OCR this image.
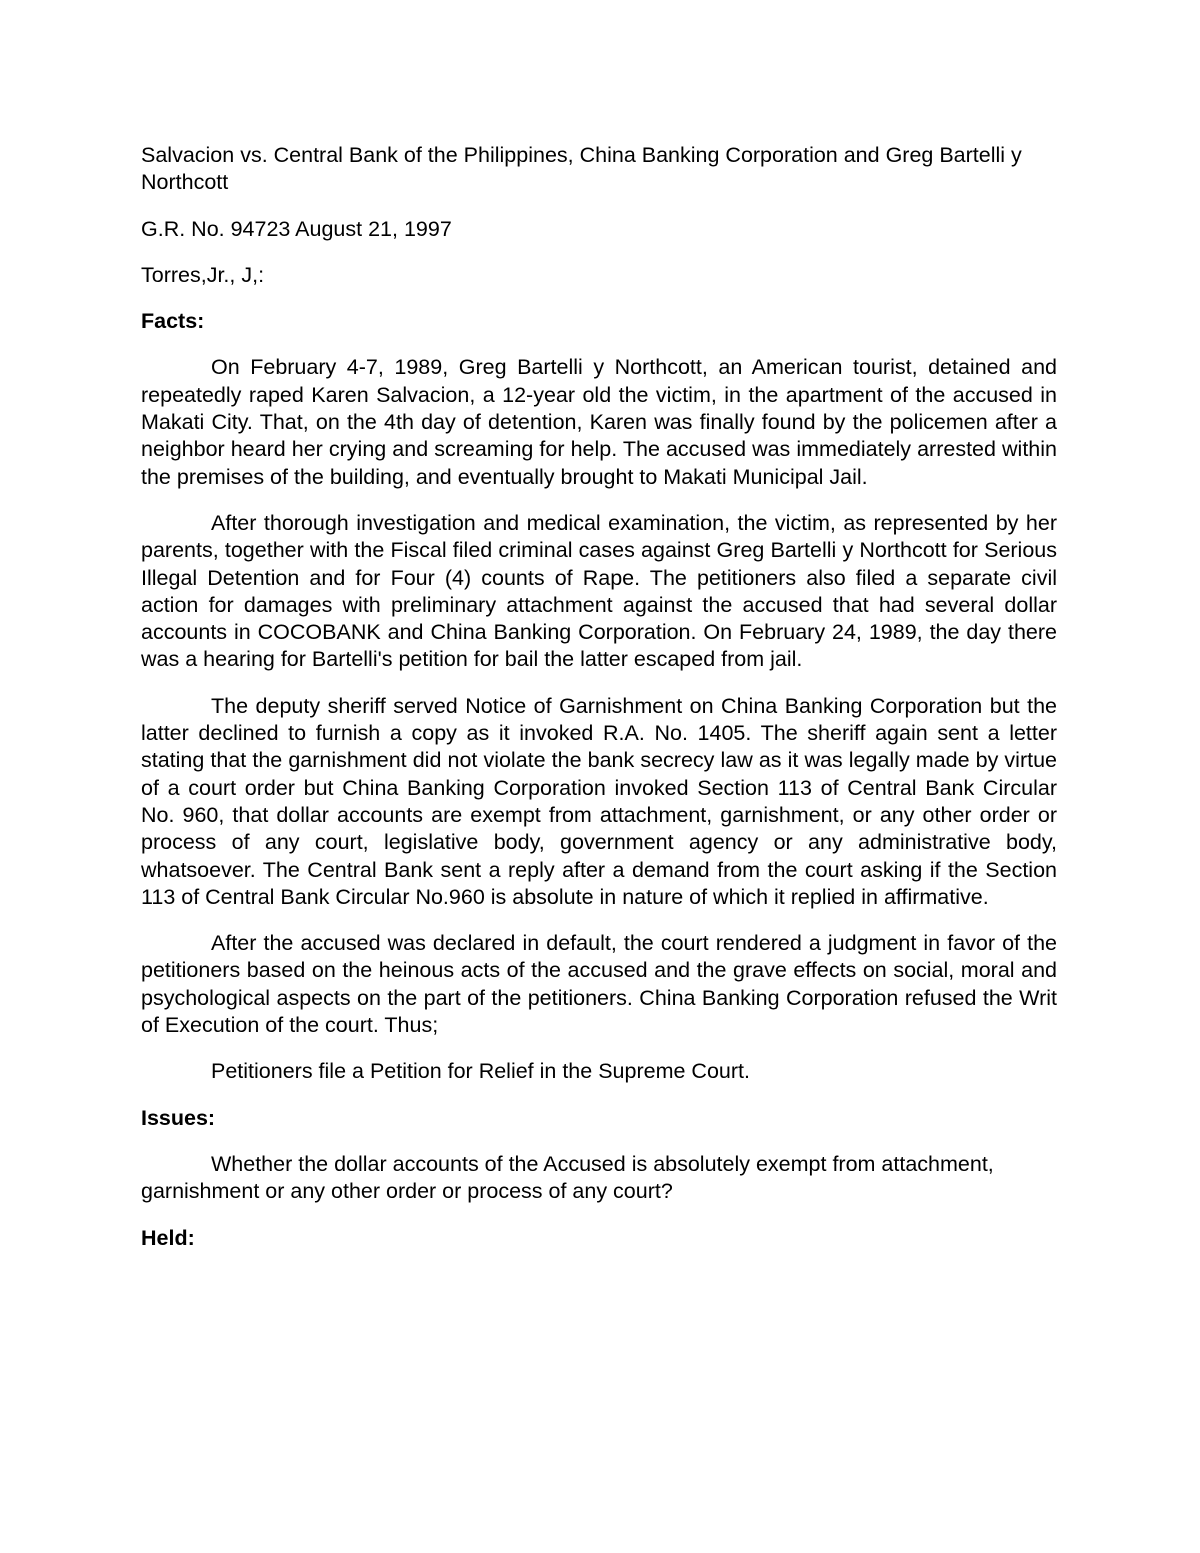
Salvacion vs. Central Bank of the Philippines, China Banking Corporation and Greg Bartelli y Northcott

G.R. No. 94723 August 21, 1997

Torres,Jr., J,:

Facts:

On February 4-7, 1989, Greg Bartelli y Northcott, an American tourist, detained and repeatedly raped Karen Salvacion, a 12-year old the victim, in the apartment of the accused in Makati City. That, on the 4th day of detention, Karen was finally found by the policemen after a neighbor heard her crying and screaming for help. The accused was immediately arrested within the premises of the building, and eventually brought to Makati Municipal Jail.

After thorough investigation and medical examination, the victim, as represented by her parents, together with the Fiscal filed criminal cases against Greg Bartelli y Northcott for Serious Illegal Detention and for Four (4) counts of Rape. The petitioners also filed a separate civil action for damages with preliminary attachment against the accused that had several dollar accounts in COCOBANK and China Banking Corporation. On February 24, 1989, the day there was a hearing for Bartelli's petition for bail the latter escaped from jail.

The deputy sheriff served Notice of Garnishment on China Banking Corporation but the latter declined to furnish a copy as it invoked R.A. No. 1405. The sheriff again sent a letter stating that the garnishment did not violate the bank secrecy law as it was legally made by virtue of a court order but China Banking Corporation invoked Section 113 of Central Bank Circular No. 960, that dollar accounts are exempt from attachment, garnishment, or any other order or process of any court, legislative body, government agency or any administrative body, whatsoever. The Central Bank sent a reply after a demand from the court asking if the Section 113 of Central Bank Circular No.960 is absolute in nature of which it replied in affirmative.

After the accused was declared in default, the court rendered a judgment in favor of the petitioners based on the heinous acts of the accused and the grave effects on social, moral and psychological aspects on the part of the petitioners. China Banking Corporation refused the Writ of Execution of the court. Thus;

Petitioners file a Petition for Relief in the Supreme Court.

Issues:

Whether the dollar accounts of the Accused is absolutely exempt from attachment, garnishment or any other order or process of any court?

Held:
